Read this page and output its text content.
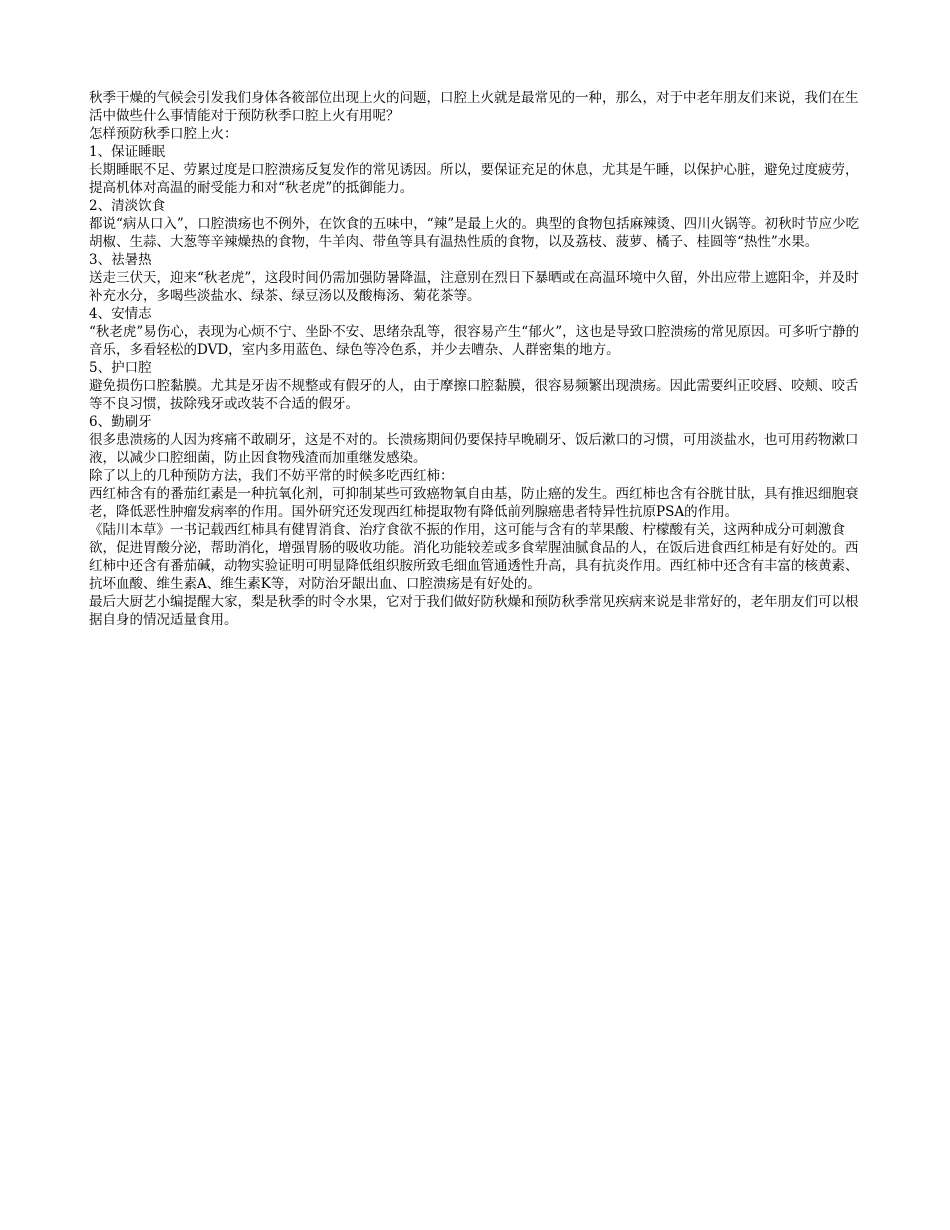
秋季干燥的气候会引发我们身体各筱部位出现上火的问题，口腔上火就是最常见的一种，那么，对于中老年朋友们来说，我们在生活中做些什么事情能对于预防秋季口腔上火有用呢？

怎样预防秋季口腔上火：

1、保证睡眠

长期睡眠不足、劳累过度是口腔溃疡反复发作的常见诱因。所以，要保证充足的休息，尤其是午睡，以保护心脏，避免过度疲劳，提高机体对高温的耐受能力和对“秋老虎”的抵御能力。

2、清淡饮食

都说“病从口入”，口腔溃疡也不例外，在饮食的五味中，“辣”是最上火的。典型的食物包括麻辣烫、四川火锅等。初秋时节应少吃胡椒、生蒜、大葱等辛辣燥热的食物，牛羊肉、带鱼等具有温热性质的食物，以及荔枝、菠萝、橘子、桂圆等“热性”水果。

3、祛暑热

送走三伏天，迎来“秋老虎”，这段时间仍需加强防暑降温，注意别在烈日下暴晒或在高温环境中久留，外出应带上遮阳伞，并及时补充水分，多喝些淡盐水、绿茶、绿豆汤以及酸梅汤、菊花茶等。

4、安情志

“秋老虎”易伤心，表现为心烦不宁、坐卧不安、思绪杂乱等，很容易产生“郁火”，这也是导致口腔溃疡的常见原因。可多听宁静的音乐，多看轻松的DVD，室内多用蓝色、绿色等冷色系，并少去嘈杂、人群密集的地方。

5、护口腔

避免损伤口腔黏膜。尤其是牙齿不规整或有假牙的人，由于摩擦口腔黏膜，很容易频繁出现溃疡。因此需要纠正咬唇、咬颊、咬舌等不良习惯，拔除残牙或改装不合适的假牙。

6、勤刷牙

很多患溃疡的人因为疼痛不敢刷牙，这是不对的。长溃疡期间仍要保持早晚刷牙、饭后漱口的习惯，可用淡盐水，也可用药物漱口液，以减少口腔细菌，防止因食物残渣而加重继发感染。

除了以上的几种预防方法，我们不妨平常的时候多吃西红柿：

西红柿含有的番茄红素是一种抗氧化剂，可抑制某些可致癌物氧自由基，防止癌的发生。西红柿也含有谷胱甘肽，具有推迟细胞衰老，降低恶性肿瘤发病率的作用。国外研究还发现西红柿提取物有降低前列腺癌患者特异性抗原PSA的作用。

《陆川本草》一书记载西红柿具有健胃消食、治疗食欲不振的作用，这可能与含有的苹果酸、柠檬酸有关，这两种成分可刺激食欲，促进胃酸分泌，帮助消化，增强胃肠的吸收功能。消化功能较差或多食荤腥油腻食品的人，在饭后进食西红柿是有好处的。西红柿中还含有番茄碱，动物实验证明可明显降低组织胺所致毛细血管通透性升高，具有抗炎作用。西红柿中还含有丰富的核黄素、抗坏血酸、维生素A、维生素K等，对防治牙龈出血、口腔溃疡是有好处的。

最后大厨艺小编提醒大家，梨是秋季的时令水果，它对于我们做好防秋燥和预防秋季常见疾病来说是非常好的，老年朋友们可以根据自身的情况适量食用。
